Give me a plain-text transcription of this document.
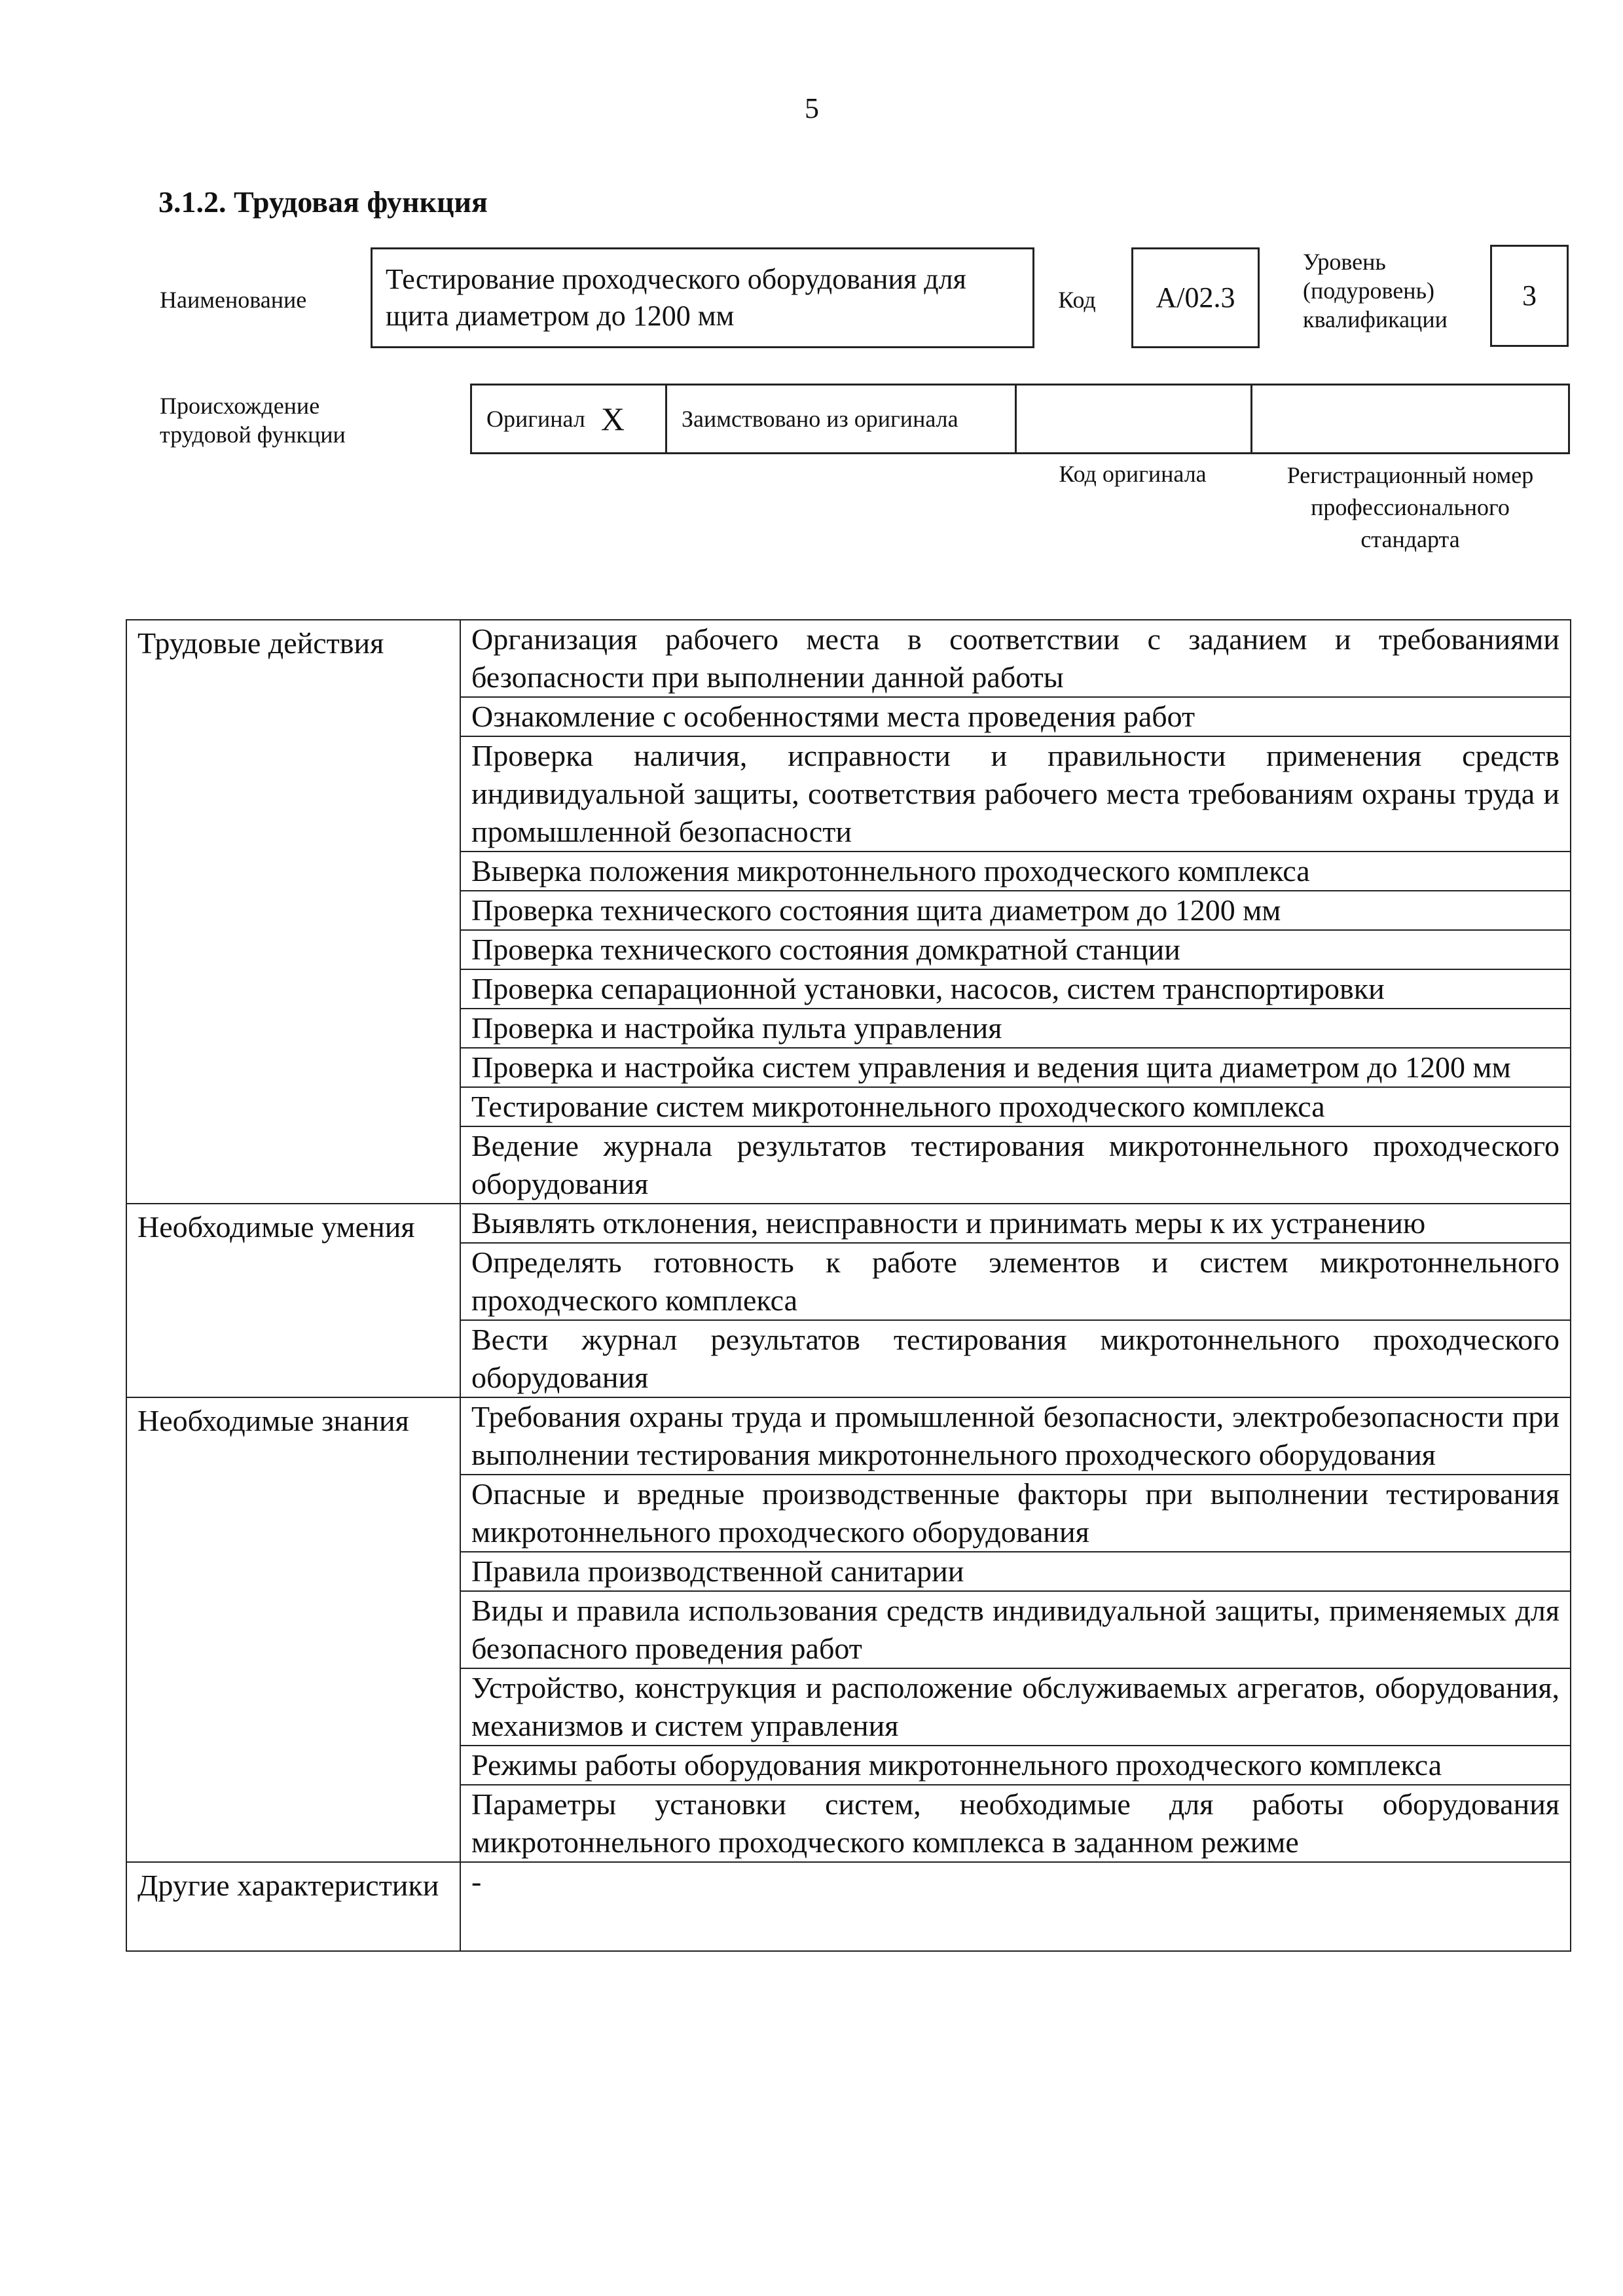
5
3.1.2. Трудовая функция
Наименование
Тестирование проходческого оборудования для щита диаметром до 1200 мм	Код	А/02.3
Уровень (подуровень) квалификации
3
Происхождение трудовой функции
Оригинал X	Заимствовано из оригинала
Код оригинала	Регистрационный номер профессионального стандарта
Трудовые действия	Организация рабочего места в соответствии с заданием и требованиями безопасности при выполнении данной работы
	Ознакомление с особенностями места проведения работ
	Проверка наличия, исправности и правильности применения средств индивидуальной защиты, соответствия рабочего места требованиям охраны труда и промышленной безопасности
	Выверка положения микротоннельного проходческого комплекса
	Проверка технического состояния щита диаметром до 1200 мм
	Проверка технического состояния домкратной станции
	Проверка сепарационной установки, насосов, систем транспортировки
	Проверка и настройка пульта управления
	Проверка и настройка систем управления и ведения щита диаметром до 1200 мм
	Тестирование систем микротоннельного проходческого комплекса
	Ведение журнала результатов тестирования микротоннельного проходческого оборудования
Необходимые умения	Выявлять отклонения, неисправности и принимать меры к их устранению
	Определять готовность к работе элементов и систем микротоннельного проходческого комплекса
	Вести журнал результатов тестирования микротоннельного проходческого оборудования
Необходимые знания	Требования охраны труда и промышленной безопасности, электробезопасности при выполнении тестирования микротоннельного проходческого оборудования
	Опасные и вредные производственные факторы при выполнении тестирования микротоннельного проходческого оборудования
	Правила производственной санитарии
	Виды и правила использования средств индивидуальной защиты, применяемых для безопасного проведения работ
	Устройство, конструкция и расположение обслуживаемых агрегатов, оборудования, механизмов и систем управления
	Режимы работы оборудования микротоннельного проходческого комплекса
	Параметры установки систем, необходимые для работы оборудования микротоннельного проходческого комплекса в заданном режиме
Другие характеристики	-
